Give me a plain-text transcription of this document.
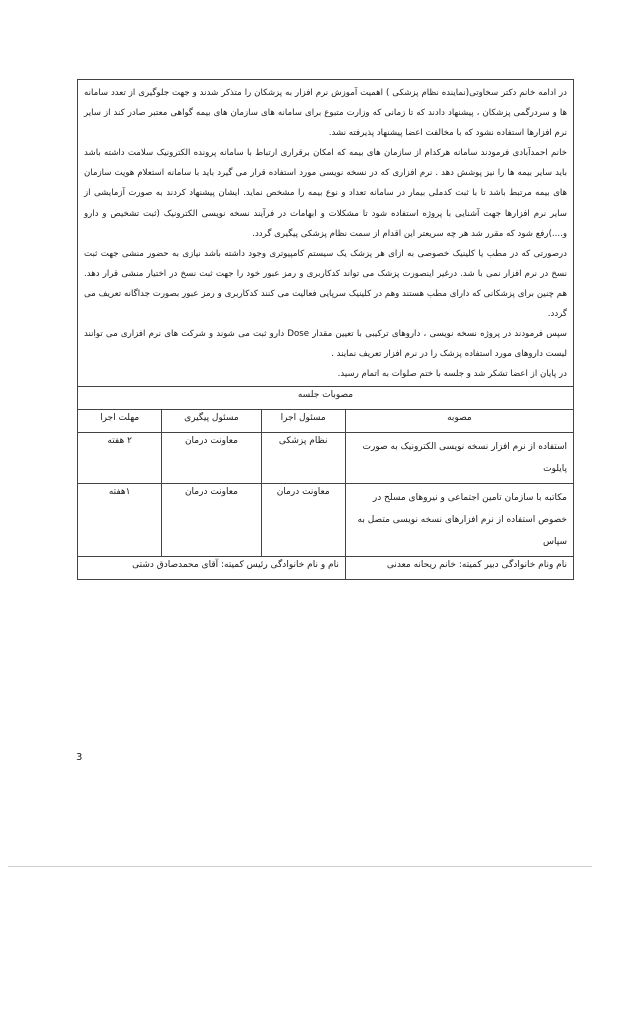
در ادامه خانم دکتر سخاوتی(نماینده نظام پزشکی ) اهمیت آموزش نرم افزار به پزشکان را متذکر شدند و جهت جلوگیری از تعدد سامانه ها و سردرگمی پزشکان ، پیشنهاد دادند که تا زمانی که وزارت متبوع برای سامانه های سازمان های بیمه گواهی معتبر صادر کند از سایر نرم افزارها استفاده نشود که با مخالفت اعضا پیشنهاد پذیرفته نشد.

خانم احمدآبادی فرمودند سامانه هرکدام از سازمان های بیمه که امکان برقراری ارتباط با سامانه پرونده الکترونیک سلامت داشته باشد باید سایر بیمه ها را نیز پوشش دهد . نرم افزاری که در نسخه نویسی مورد استفاده قرار می گیرد باید با سامانه استعلام هویت سازمان های بیمه مرتبط باشد تا با ثبت کدملی بیمار در سامانه تعداد و نوع بیمه را مشخص نماید. ایشان پیشنهاد کردند به صورت آزمایشی از سایر نرم افزارها جهت آشنایی با پروژه استفاده شود تا مشکلات و ابهامات در فرآیند نسخه نویسی الکترونیک (ثبت تشخیص و دارو و....)رفع شود که مقرر شد هر چه سریعتر این اقدام از سمت نظام پزشکی پیگیری گردد.

درصورتی که در مطب یا کلینیک خصوصی به ازای هر پزشک یک سیستم کامپیوتری وجود داشته باشد نیازی به حضور منشی جهت ثبت نسخ در نرم افزار نمی با شد. درغیر اینصورت پزشک می تواند کدکاربری و رمز عبور خود را جهت ثبت نسخ در اختیار منشی قرار دهد. هم چنین برای پزشکانی که دارای مطب هستند وهم در کلینیک سرپایی فعالیت می کنند کدکاربری و رمز عبور بصورت جداگانه تعریف می گردد.

سپس فرمودند در پروژه نسخه نویسی ، داروهای ترکیبی با تعیین مقدار Dose دارو ثبت می شوند و شرکت های نرم افزاری می توانند لیست داروهای مورد استفاده پزشک را در نرم افزار تعریف نمایند .

در پایان از اعضا تشکر شد و جلسه با ختم صلوات به اتمام رسید.

مصوبات جلسه			
مصوبه	مسئول اجرا	مسئول پیگیری	مهلت اجرا
استفاده از نرم افزار نسخه نویسی الکترونیک به صورت پایلوت	نظام پزشکی	معاونت درمان	۲ هفته
مکاتبه با سازمان تامین اجتماعی و نیروهای مسلح در خصوص استفاده از نرم افزارهای نسخه نویسی متصل به سپاس	معاونت درمان	معاونت درمان	۱هفته
نام ونام خانوادگی دبیر کمیته: خانم ریحانه معدنی	نام و نام خانوادگی رئیس کمیته: آقای محمدصادق دشتی		
3
